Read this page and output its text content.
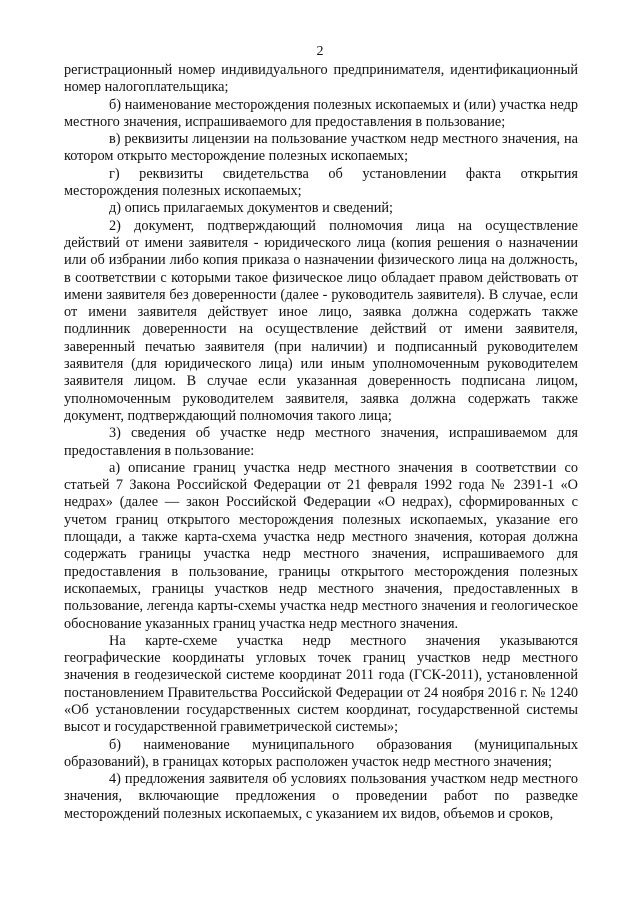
2

регистрационный номер индивидуального предпринимателя, идентификационный номер налогоплательщика;

б) наименование месторождения полезных ископаемых и (или) участка недр местного значения, испрашиваемого для предоставления в пользование;

в) реквизиты лицензии на пользование участком недр местного значения, на котором открыто месторождение полезных ископаемых;

г) реквизиты свидетельства об установлении факта открытия месторождения полезных ископаемых;

д) опись прилагаемых документов и сведений;

2) документ, подтверждающий полномочия лица на осуществление действий от имени заявителя - юридического лица (копия решения о назначении или об избрании либо копия приказа о назначении физического лица на должность, в соответствии с которыми такое физическое лицо обладает правом действовать от имени заявителя без доверенности (далее - руководитель заявителя). В случае, если от имени заявителя действует иное лицо, заявка должна содержать также подлинник доверенности на осуществление действий от имени заявителя, заверенный печатью заявителя (при наличии) и подписанный руководителем заявителя (для юридического лица) или иным уполномоченным руководителем заявителя лицом. В случае если указанная доверенность подписана лицом, уполномоченным руководителем заявителя, заявка должна содержать также документ, подтверждающий полномочия такого лица;

3) сведения об участке недр местного значения, испрашиваемом для предоставления в пользование:

а) описание границ участка недр местного значения в соответствии со статьей 7 Закона Российской Федерации от 21 февраля 1992 года № 2391-1 «О недрах» (далее — закон Российской Федерации «О недрах), сформированных с учетом границ открытого месторождения полезных ископаемых, указание его площади, а также карта-схема участка недр местного значения, которая должна содержать границы участка недр местного значения, испрашиваемого для предоставления в пользование, границы открытого месторождения полезных ископаемых, границы участков недр местного значения, предоставленных в пользование, легенда карты-схемы участка недр местного значения и геологическое обоснование указанных границ участка недр местного значения.

На карте-схеме участка недр местного значения указываются географические координаты угловых точек границ участков недр местного значения в геодезической системе координат 2011 года (ГСК-2011), установленной постановлением Правительства Российской Федерации от 24 ноября 2016 г. № 1240 «Об установлении государственных систем координат, государственной системы высот и государственной гравиметрической системы»;

б) наименование муниципального образования (муниципальных образований), в границах которых расположен участок недр местного значения;

4) предложения заявителя об условиях пользования участком недр местного значения, включающие предложения о проведении работ по разведке месторождений полезных ископаемых, с указанием их видов, объемов и сроков,
